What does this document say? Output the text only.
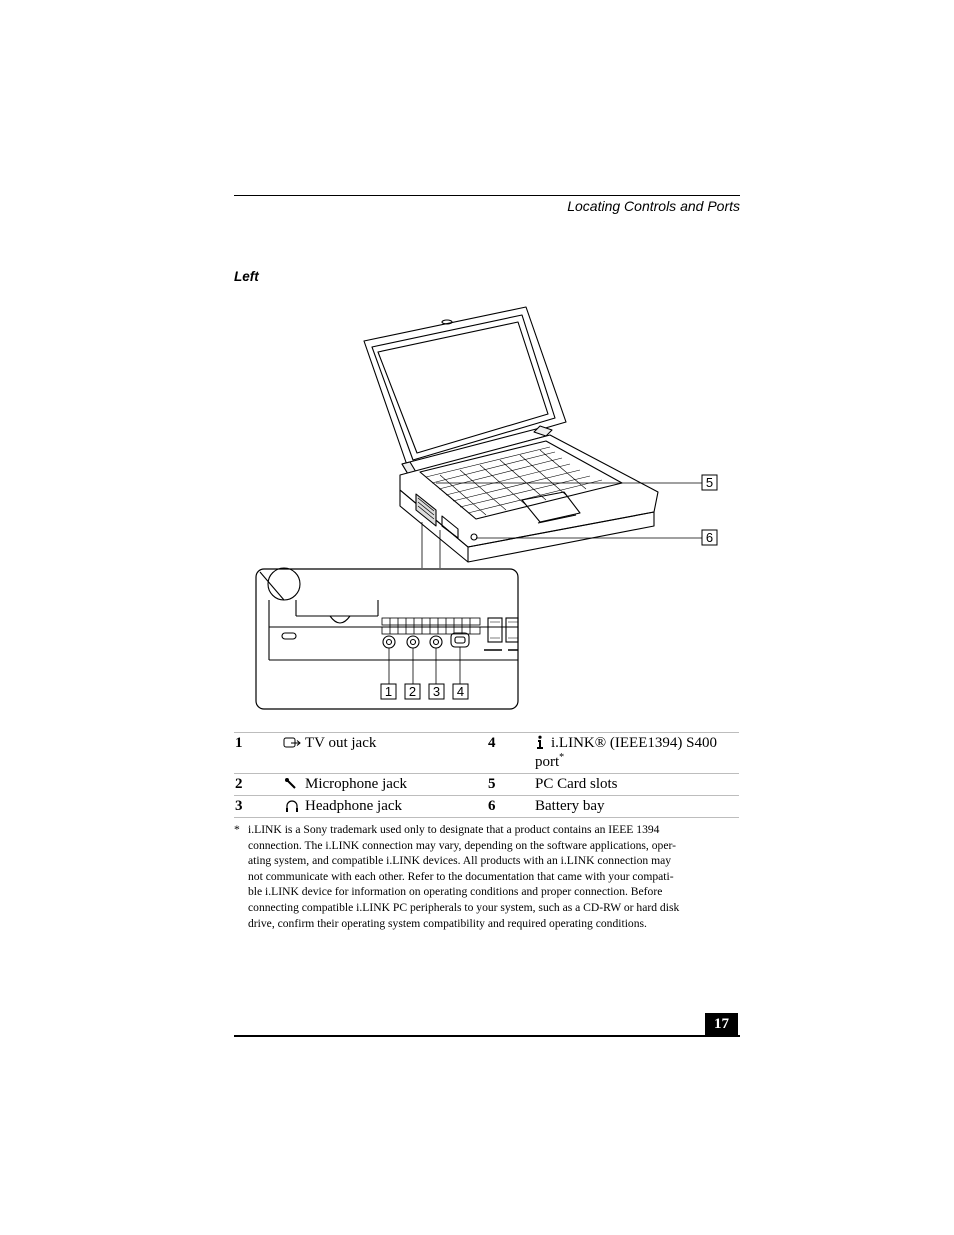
Locating Controls and Ports
Left
5
6
1 2 3 4
1	TV out jack	4	i.LINK® (IEEE1394) S400 port*
2	Microphone jack	5	PC Card slots
3	Headphone jack	6	Battery bay
* i.LINK is a Sony trademark used only to designate that a product contains an IEEE 1394
connection. The i.LINK connection may vary, depending on the software applications, oper-
ating system, and compatible i.LINK devices. All products with an i.LINK connection may
not communicate with each other. Refer to the documentation that came with your compati-
ble i.LINK device for information on operating conditions and proper connection. Before
connecting compatible i.LINK PC peripherals to your system, such as a CD-RW or hard disk
drive, confirm their operating system compatibility and required operating conditions.
17
